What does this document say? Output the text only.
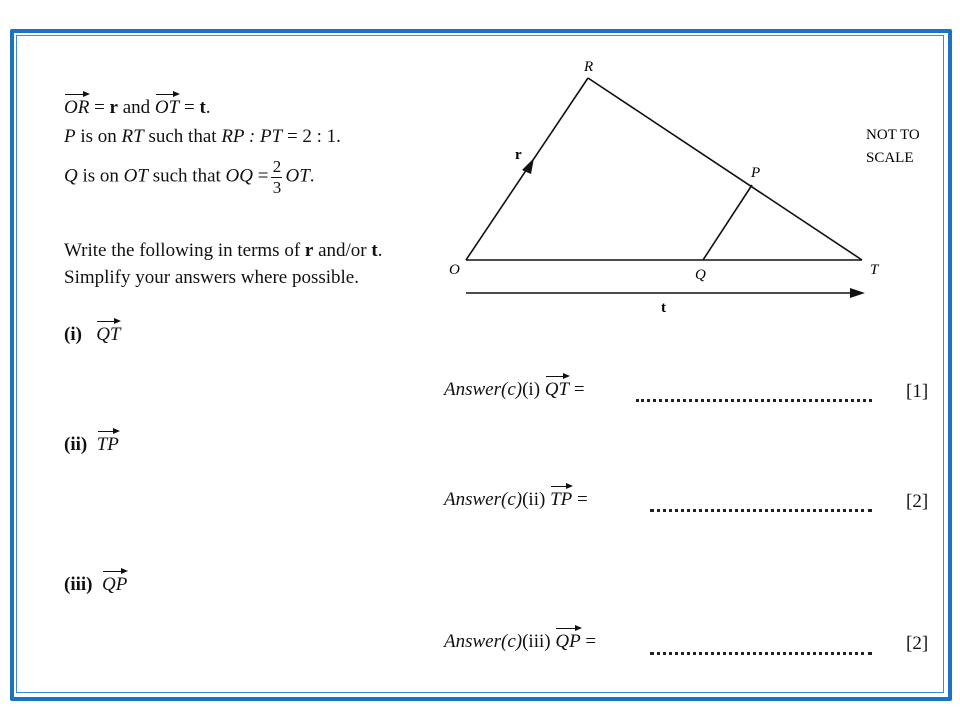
OR = r and OT = t.
P is on RT such that RP : PT = 2 : 1.
Q is on OT such that OQ = $\frac{2}{3}$ OT.
Write the following in terms of r and/or t.
Simplify your answers where possible.
R
r
P
O	Q	T
t
NOT TO
SCALE
(i) QT
Answer(c)(i) QT =	[1]
(ii) TP
Answer(c)(ii) TP =	[2]
(iii) QP
Answer(c)(iii) QP =	[2]
